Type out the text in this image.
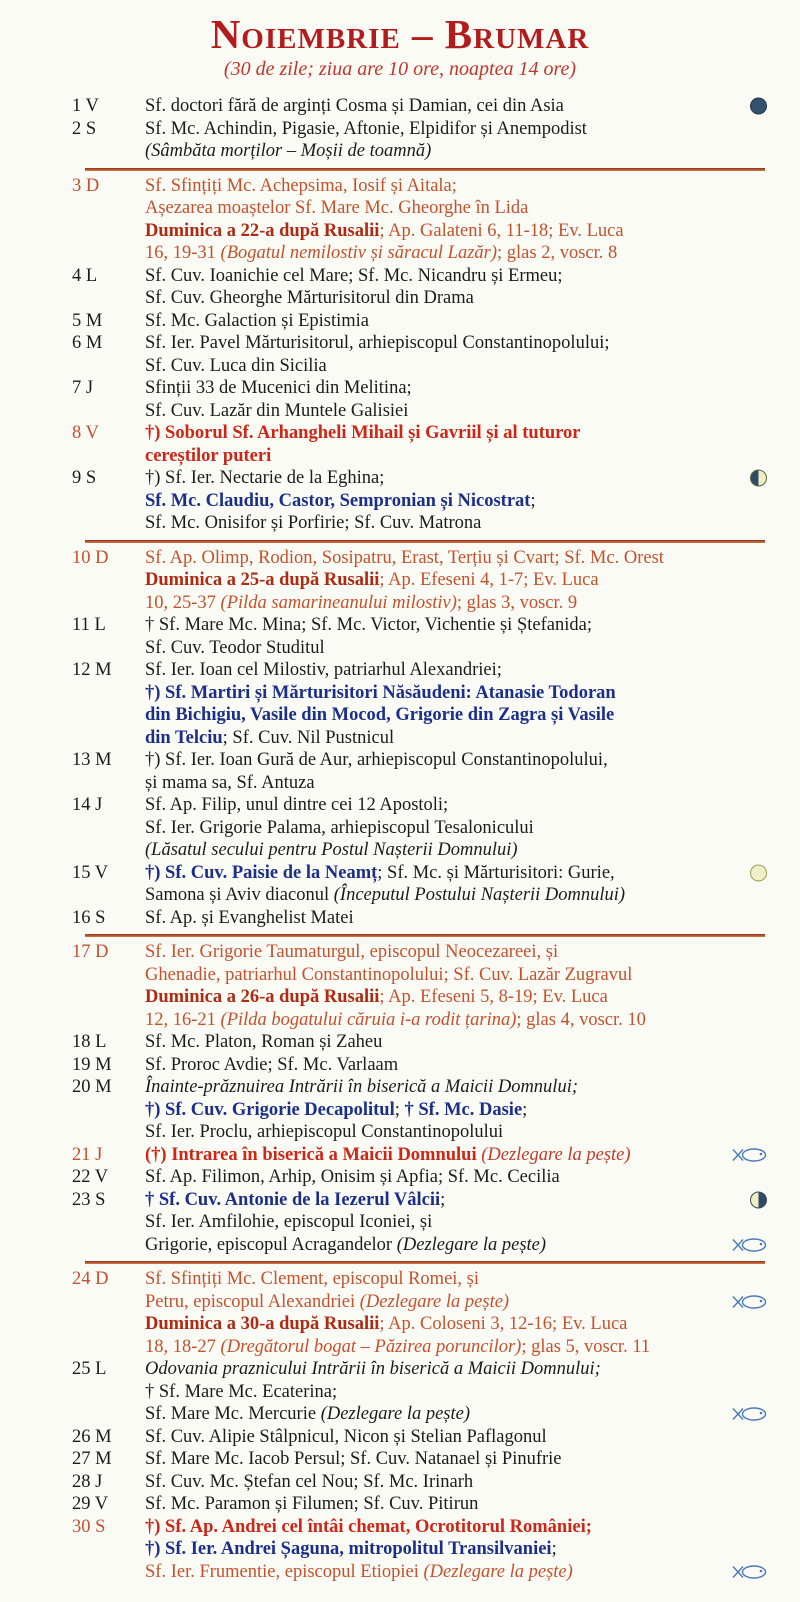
Noiembrie – Brumar
(30 de zile; ziua are 10 ore, noaptea 14 ore)
1 V	Sf. doctori fără de arginți Cosma și Damian, cei din Asia
2 S	Sf. Mc. Achindin, Pigasie, Aftonie, Elpidifor și Anempodist
(Sâmbăta morților – Moșii de toamnă)
3 D	Sf. Sfințiți Mc. Achepsima, Iosif și Aitala;
Așezarea moaștelor Sf. Mare Mc. Gheorghe în Lida
Duminica a 22-a după Rusalii; Ap. Galateni 6, 11-18; Ev. Luca
16, 19-31 (Bogatul nemilostiv și săracul Lazăr); glas 2, voscr. 8
4 L	Sf. Cuv. Ioanichie cel Mare; Sf. Mc. Nicandru și Ermeu;
Sf. Cuv. Gheorghe Mărturisitorul din Drama
5 M	Sf. Mc. Galaction și Epistimia
6 M	Sf. Ier. Pavel Mărturisitorul, arhiepiscopul Constantinopolului;
Sf. Cuv. Luca din Sicilia
7 J	Sfinții 33 de Mucenici din Melitina;
Sf. Cuv. Lazăr din Muntele Galisiei
8 V	†) Soborul Sf. Arhangheli Mihail și Gavriil și al tuturor
cereștilor puteri
9 S	†) Sf. Ier. Nectarie de la Eghina;
Sf. Mc. Claudiu, Castor, Sempronian și Nicostrat;
Sf. Mc. Onisifor și Porfirie; Sf. Cuv. Matrona
10 D	Sf. Ap. Olimp, Rodion, Sosipatru, Erast, Terțiu și Cvart; Sf. Mc. Orest
Duminica a 25-a după Rusalii; Ap. Efeseni 4, 1-7; Ev. Luca
10, 25-37 (Pilda samarineanului milostiv); glas 3, voscr. 9
11 L	† Sf. Mare Mc. Mina; Sf. Mc. Victor, Vichentie și Ștefanida;
Sf. Cuv. Teodor Studitul
12 M	Sf. Ier. Ioan cel Milostiv, patriarhul Alexandriei;
†) Sf. Martiri și Mărturisitori Năsăudeni: Atanasie Todoran
din Bichigiu, Vasile din Mocod, Grigorie din Zagra și Vasile
din Telciu; Sf. Cuv. Nil Pustnicul
13 M	†) Sf. Ier. Ioan Gură de Aur, arhiepiscopul Constantinopolului,
și mama sa, Sf. Antuza
14 J	Sf. Ap. Filip, unul dintre cei 12 Apostoli;
Sf. Ier. Grigorie Palama, arhiepiscopul Tesalonicului
(Lăsatul secului pentru Postul Nașterii Domnului)
15 V	†) Sf. Cuv. Paisie de la Neamț; Sf. Mc. și Mărturisitori: Gurie,
Samona și Aviv diaconul (Începutul Postului Nașterii Domnului)
16 S	Sf. Ap. și Evanghelist Matei
17 D	Sf. Ier. Grigorie Taumaturgul, episcopul Neocezareei, și
Ghenadie, patriarhul Constantinopolului; Sf. Cuv. Lazăr Zugravul
Duminica a 26-a după Rusalii; Ap. Efeseni 5, 8-19; Ev. Luca
12, 16-21 (Pilda bogatului căruia i-a rodit țarina); glas 4, voscr. 10
18 L	Sf. Mc. Platon, Roman și Zaheu
19 M	Sf. Proroc Avdie; Sf. Mc. Varlaam
20 M	Înainte-prăznuirea Intrării în biserică a Maicii Domnului;
†) Sf. Cuv. Grigorie Decapolitul; † Sf. Mc. Dasie;
Sf. Ier. Proclu, arhiepiscopul Constantinopolului
21 J	(†) Intrarea în biserică a Maicii Domnului (Dezlegare la pește)
22 V	Sf. Ap. Filimon, Arhip, Onisim și Apfia; Sf. Mc. Cecilia
23 S	† Sf. Cuv. Antonie de la Iezerul Vâlcii;
Sf. Ier. Amfilohie, episcopul Iconiei, și
Grigorie, episcopul Acragandelor (Dezlegare la pește)
24 D	Sf. Sfințiți Mc. Clement, episcopul Romei, și
Petru, episcopul Alexandriei (Dezlegare la pește)
Duminica a 30-a după Rusalii; Ap. Coloseni 3, 12-16; Ev. Luca
18, 18-27 (Dregătorul bogat – Păzirea poruncilor); glas 5, voscr. 11
25 L	Odovania praznicului Intrării în biserică a Maicii Domnului;
† Sf. Mare Mc. Ecaterina;
Sf. Mare Mc. Mercurie (Dezlegare la pește)
26 M	Sf. Cuv. Alipie Stâlpnicul, Nicon și Stelian Paflagonul
27 M	Sf. Mare Mc. Iacob Persul; Sf. Cuv. Natanael și Pinufrie
28 J	Sf. Cuv. Mc. Ștefan cel Nou; Sf. Mc. Irinarh
29 V	Sf. Mc. Paramon și Filumen; Sf. Cuv. Pitirun
30 S	†) Sf. Ap. Andrei cel întâi chemat, Ocrotitorul României;
†) Sf. Ier. Andrei Șaguna, mitropolitul Transilvaniei;
Sf. Ier. Frumentie, episcopul Etiopiei (Dezlegare la pește)
